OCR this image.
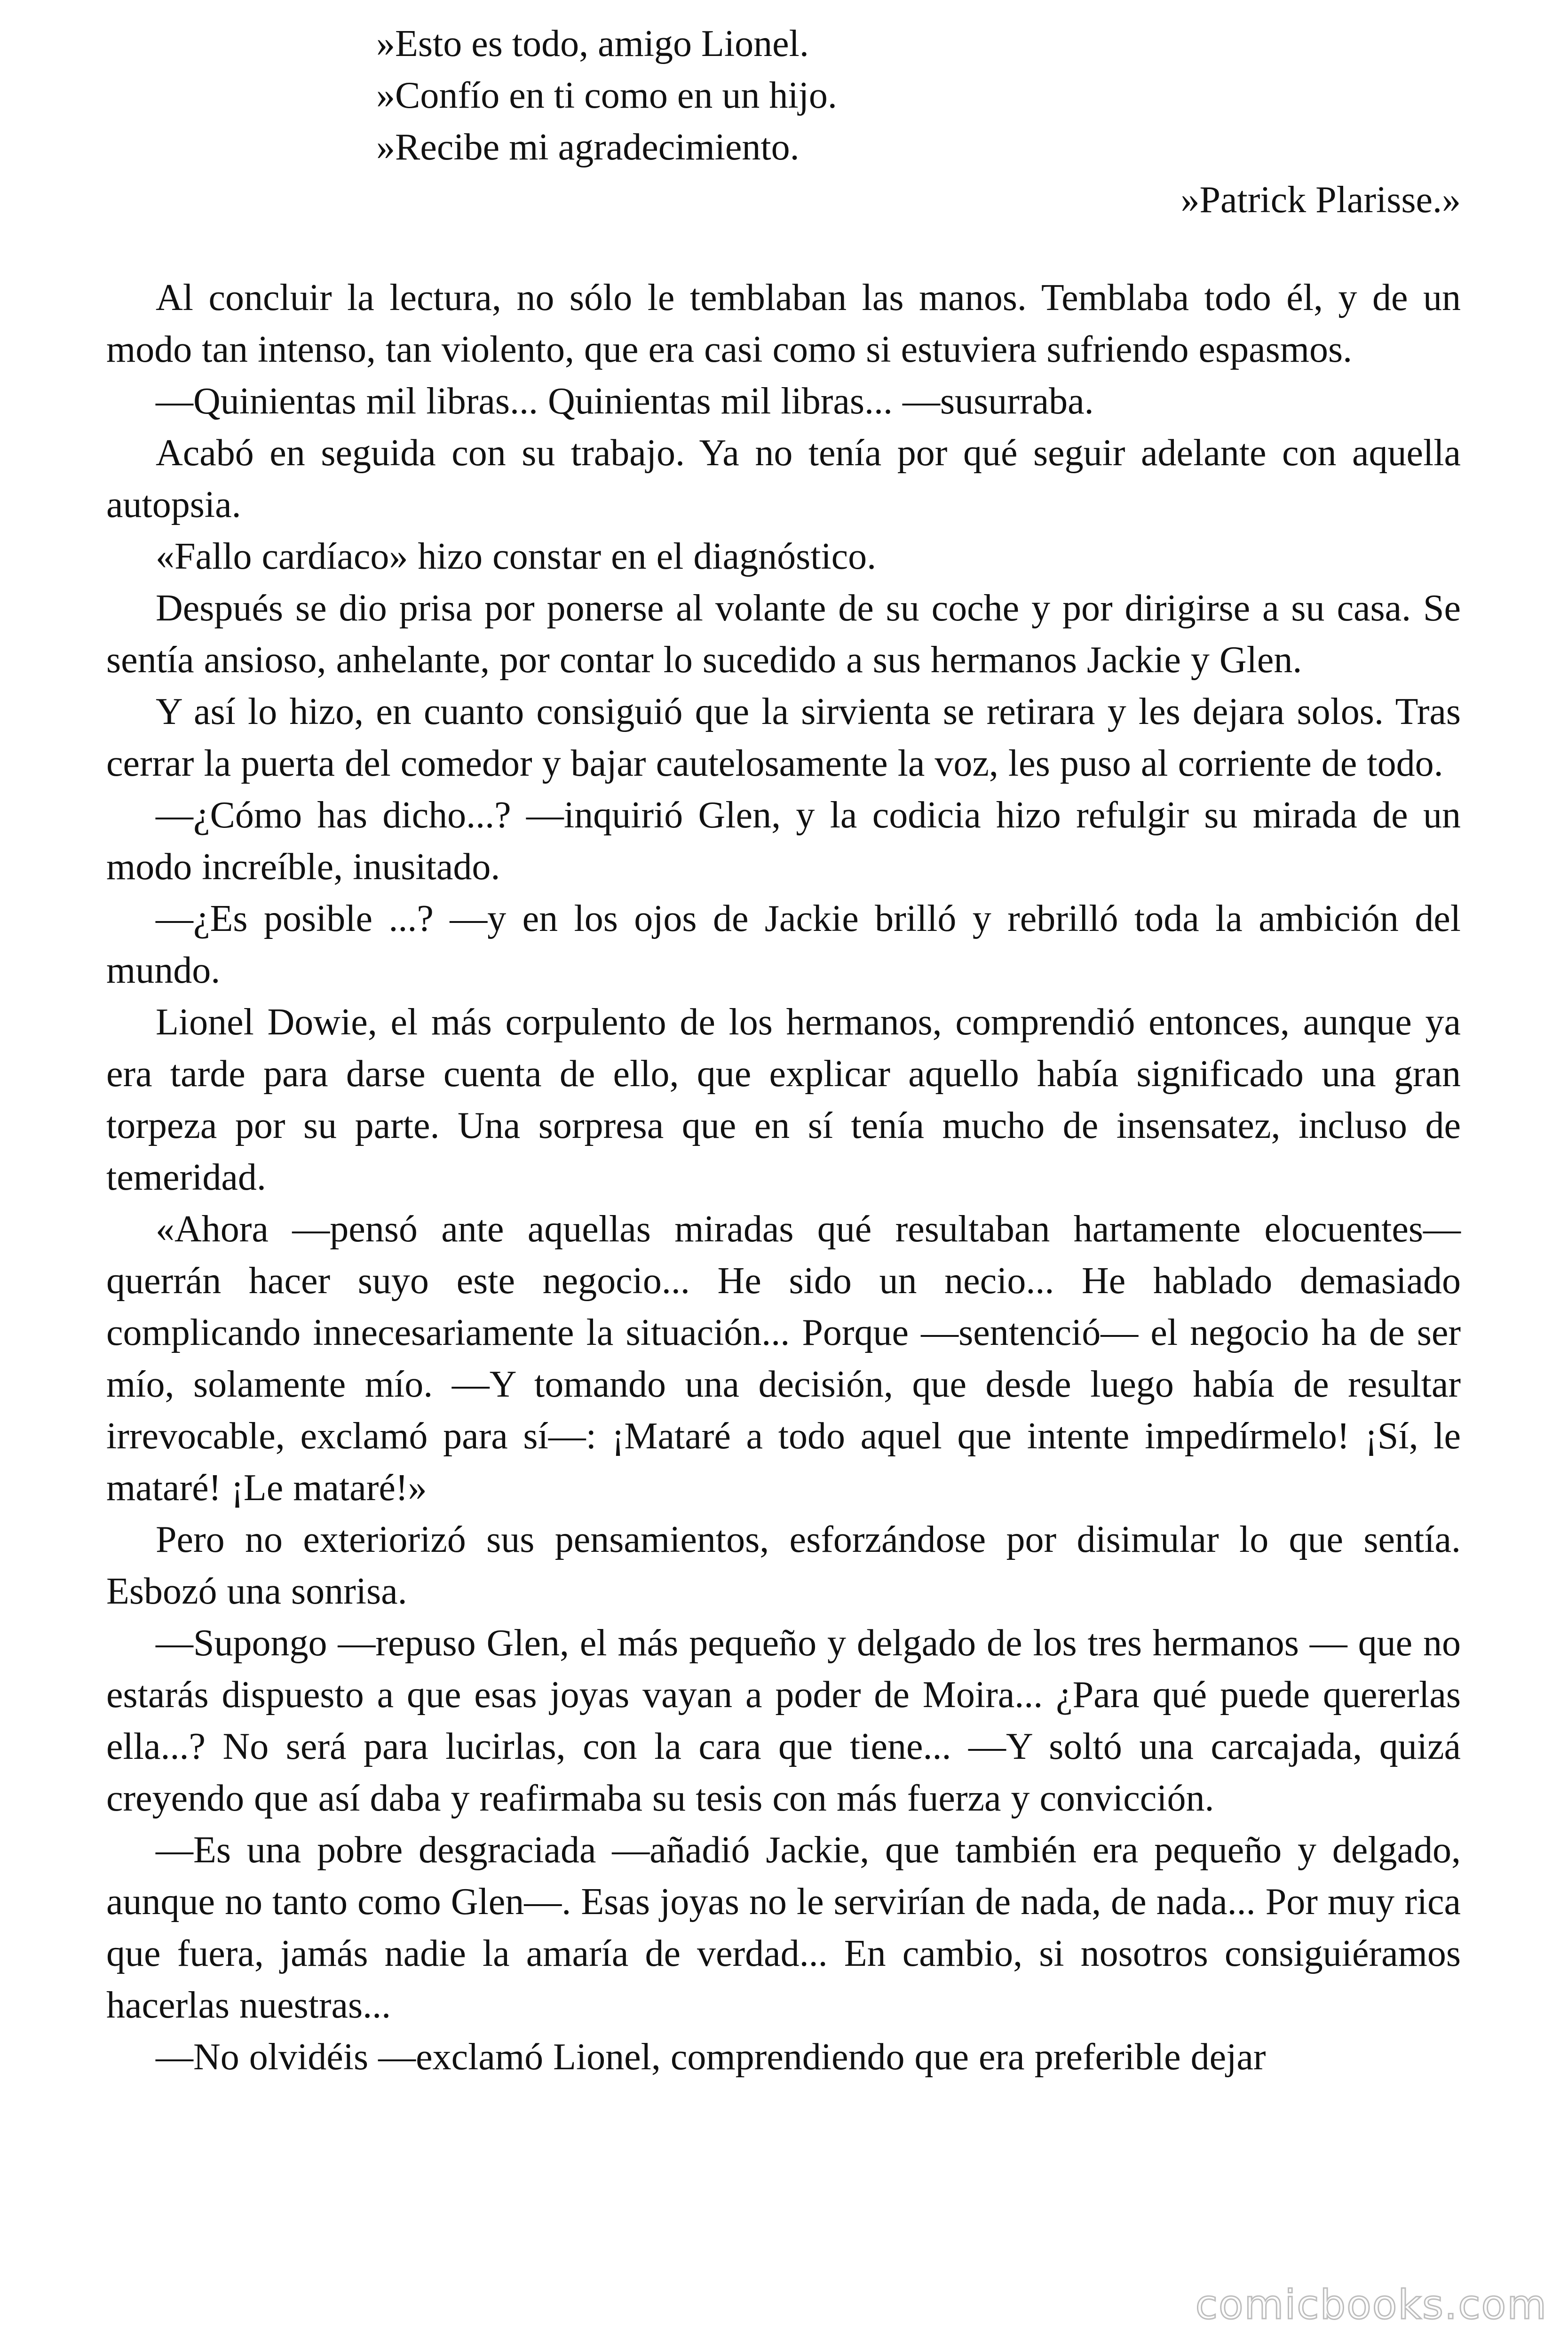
»Esto es todo, amigo Lionel.
»Confío en ti como en un hijo.
»Recibe mi agradecimiento.
»Patrick Plarisse.»

Al concluir la lectura, no sólo le temblaban las manos. Temblaba todo él, y de un modo tan intenso, tan violento, que era casi como si estuviera sufriendo espasmos.

—Quinientas mil libras... Quinientas mil libras... —susurraba.

Acabó en seguida con su trabajo. Ya no tenía por qué seguir adelante con aquella autopsia.

«Fallo cardíaco» hizo constar en el diagnóstico.

Después se dio prisa por ponerse al volante de su coche y por dirigirse a su casa. Se sentía ansioso, anhelante, por contar lo sucedido a sus hermanos Jackie y Glen.

Y así lo hizo, en cuanto consiguió que la sirvienta se retirara y les dejara solos. Tras cerrar la puerta del comedor y bajar cautelosamente la voz, les puso al corriente de todo.

—¿Cómo has dicho...? —inquirió Glen, y la codicia hizo refulgir su mirada de un modo increíble, inusitado.

—¿Es posible ...? —y en los ojos de Jackie brilló y rebrilló toda la ambición del mundo.

Lionel Dowie, el más corpulento de los hermanos, comprendió entonces, aunque ya era tarde para darse cuenta de ello, que explicar aquello había significado una gran torpeza por su parte. Una sorpresa que en sí tenía mucho de insensatez, incluso de temeridad.

«Ahora —pensó ante aquellas miradas qué resultaban hartamente elocuentes— querrán hacer suyo este negocio... He sido un necio... He hablado demasiado complicando innecesariamente la situación... Porque —sentenció— el negocio ha de ser mío, solamente mío. —Y tomando una decisión, que desde luego había de resultar irrevocable, exclamó para sí—: ¡Mataré a todo aquel que intente impedírmelo! ¡Sí, le mataré! ¡Le mataré!»

Pero no exteriorizó sus pensamientos, esforzándose por disimular lo que sentía. Esbozó una sonrisa.

—Supongo —repuso Glen, el más pequeño y delgado de los tres hermanos — que no estarás dispuesto a que esas joyas vayan a poder de Moira... ¿Para qué puede quererlas ella...? No será para lucirlas, con la cara que tiene... —Y soltó una carcajada, quizá creyendo que así daba y reafirmaba su tesis con más fuerza y convicción.

—Es una pobre desgraciada —añadió Jackie, que también era pequeño y delgado, aunque no tanto como Glen—. Esas joyas no le servirían de nada, de nada... Por muy rica que fuera, jamás nadie la amaría de verdad... En cambio, si nosotros consiguiéramos hacerlas nuestras...

—No olvidéis —exclamó Lionel, comprendiendo que era preferible dejar

comicbooks.com
